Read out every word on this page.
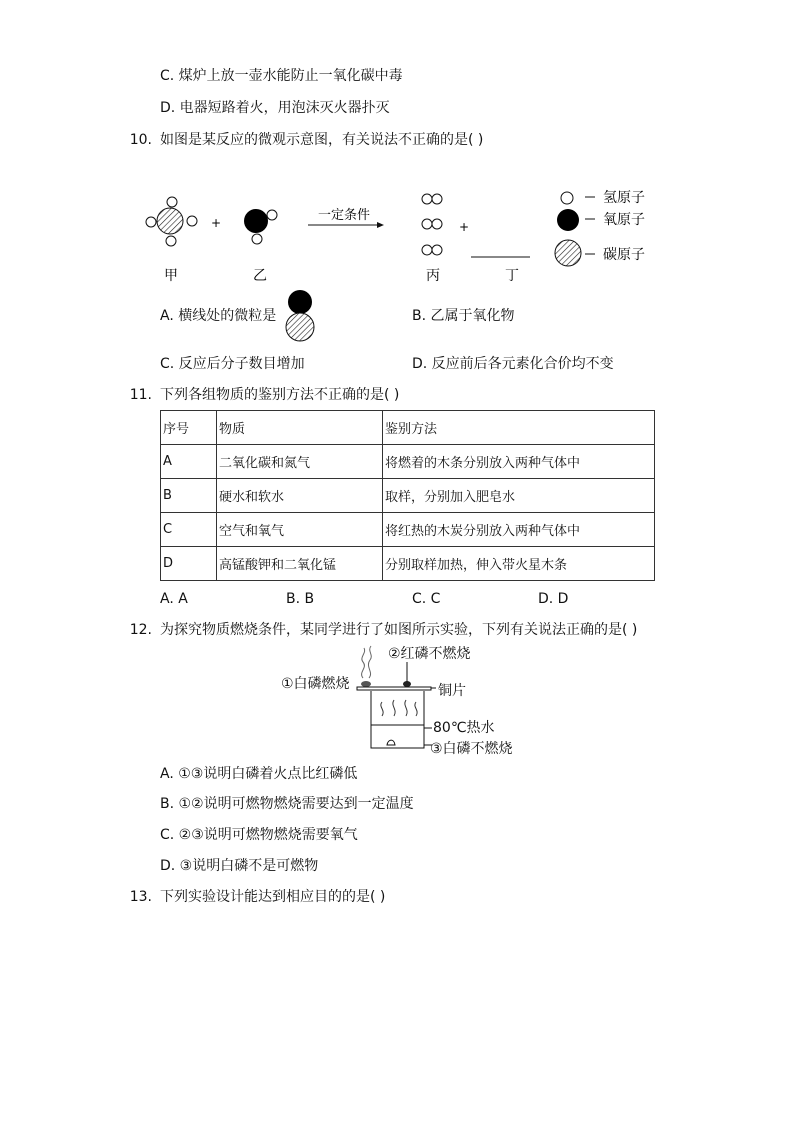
C. 煤炉上放一壶水能防止一氧化碳中毒
D. 电器短路着火，用泡沫灭火器扑灭
10. 如图是某反应的微观示意图，有关说法不正确的是( )
+	一定条件
+
甲	乙	丙	丁
氢原子
氧原子
碳原子
A. 横线处的微粒是	B. 乙属于氧化物
C. 反应后分子数目增加	D. 反应前后各元素化合价均不变
11. 下列各组物质的鉴别方法不正确的是( )
序号	物质	鉴别方法
A	二氧化碳和氮气	将燃着的木条分别放入两种气体中
B	硬水和软水	取样，分别加入肥皂水
C	空气和氧气	将红热的木炭分别放入两种气体中
D	高锰酸钾和二氧化锰	分别取样加热，伸入带火星木条
A. A	B. B	C. C	D. D
12. 为探究物质燃烧条件，某同学进行了如图所示实验，下列有关说法正确的是( )
②红磷不燃烧
①白磷燃烧	铜片
80℃热水
③白磷不燃烧
A. ①③说明白磷着火点比红磷低
B. ①②说明可燃物燃烧需要达到一定温度
C. ②③说明可燃物燃烧需要氧气
D. ③说明白磷不是可燃物
13. 下列实验设计能达到相应目的的是( )
